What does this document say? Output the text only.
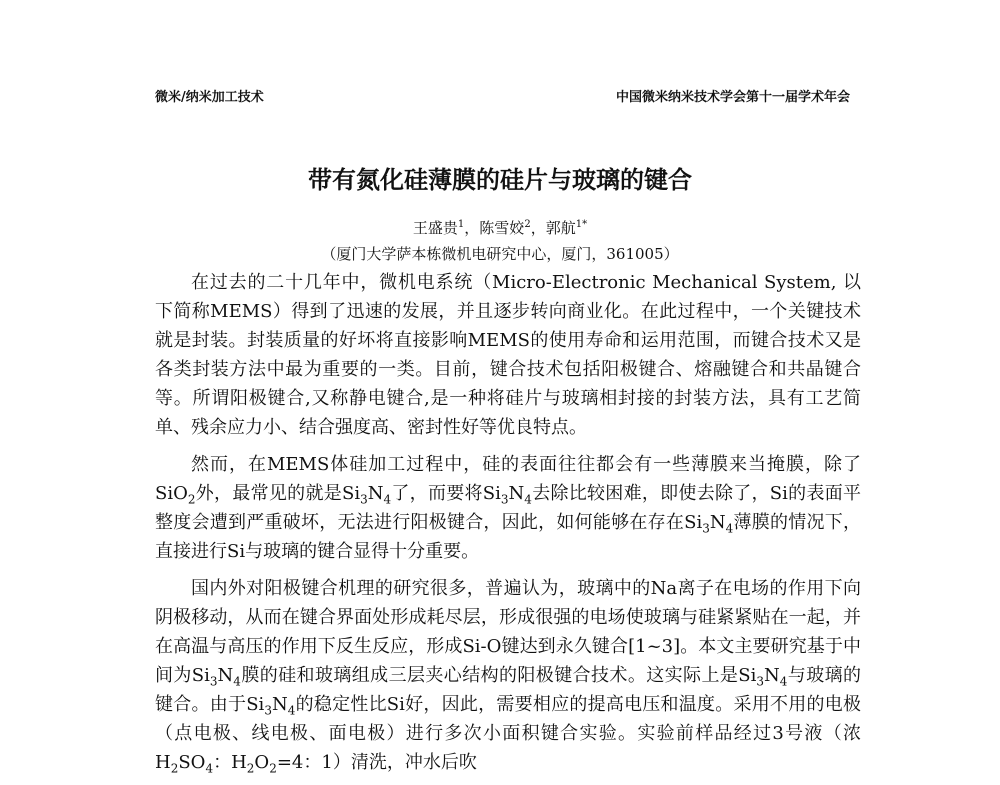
微米/纳米加工技术	中国微米纳米技术学会第十一届学术年会
带有氮化硅薄膜的硅片与玻璃的键合
王盛贵$^1$，陈雪姣$^2$，郭航$^{1*}$
（厦门大学萨本栋微机电研究中心，厦门，361005）

在过去的二十几年中，微机电系统（Micro-Electronic Mechanical System, 以下简称MEMS）得到了迅速的发展，并且逐步转向商业化。在此过程中，一个关键技术就是封装。封装质量的好坏将直接影响MEMS的使用寿命和运用范围，而键合技术又是各类封装方法中最为重要的一类。目前，键合技术包括阳极键合、熔融键合和共晶键合等。所谓阳极键合,又称静电键合,是一种将硅片与玻璃相封接的封装方法，具有工艺简单、残余应力小、结合强度高、密封性好等优良特点。

然而，在MEMS体硅加工过程中，硅的表面往往都会有一些薄膜来当掩膜，除了SiO$_2$外，最常见的就是$Si_3N_4$了，而要将$Si_3N_4$去除比较困难，即使去除了，Si的表面平整度会遭到严重破坏，无法进行阳极键合，因此，如何能够在存在$Si_3N_4$薄膜的情况下，直接进行Si与玻璃的键合显得十分重要。

国内外对阳极键合机理的研究很多，普遍认为，玻璃中的Na离子在电场的作用下向阴极移动，从而在键合界面处形成耗尽层，形成很强的电场使玻璃与硅紧紧贴在一起，并在高温与高压的作用下反生反应，形成Si-O键达到永久键合[1~3]。本文主要研究基于中间为$Si_3N_4$膜的硅和玻璃组成三层夹心结构的阳极键合技术。这实际上是$Si_3N_4$与玻璃的键合。由于$Si_3N_4$的稳定性比Si好，因此，需要相应的提高电压和温度。采用不用的电极（点电极、线电极、面电极）进行多次小面积键合实验。实验前样品经过3号液（浓$H_2SO_4$：$H_2O_2=4$：1）清洗，冲水后吹
